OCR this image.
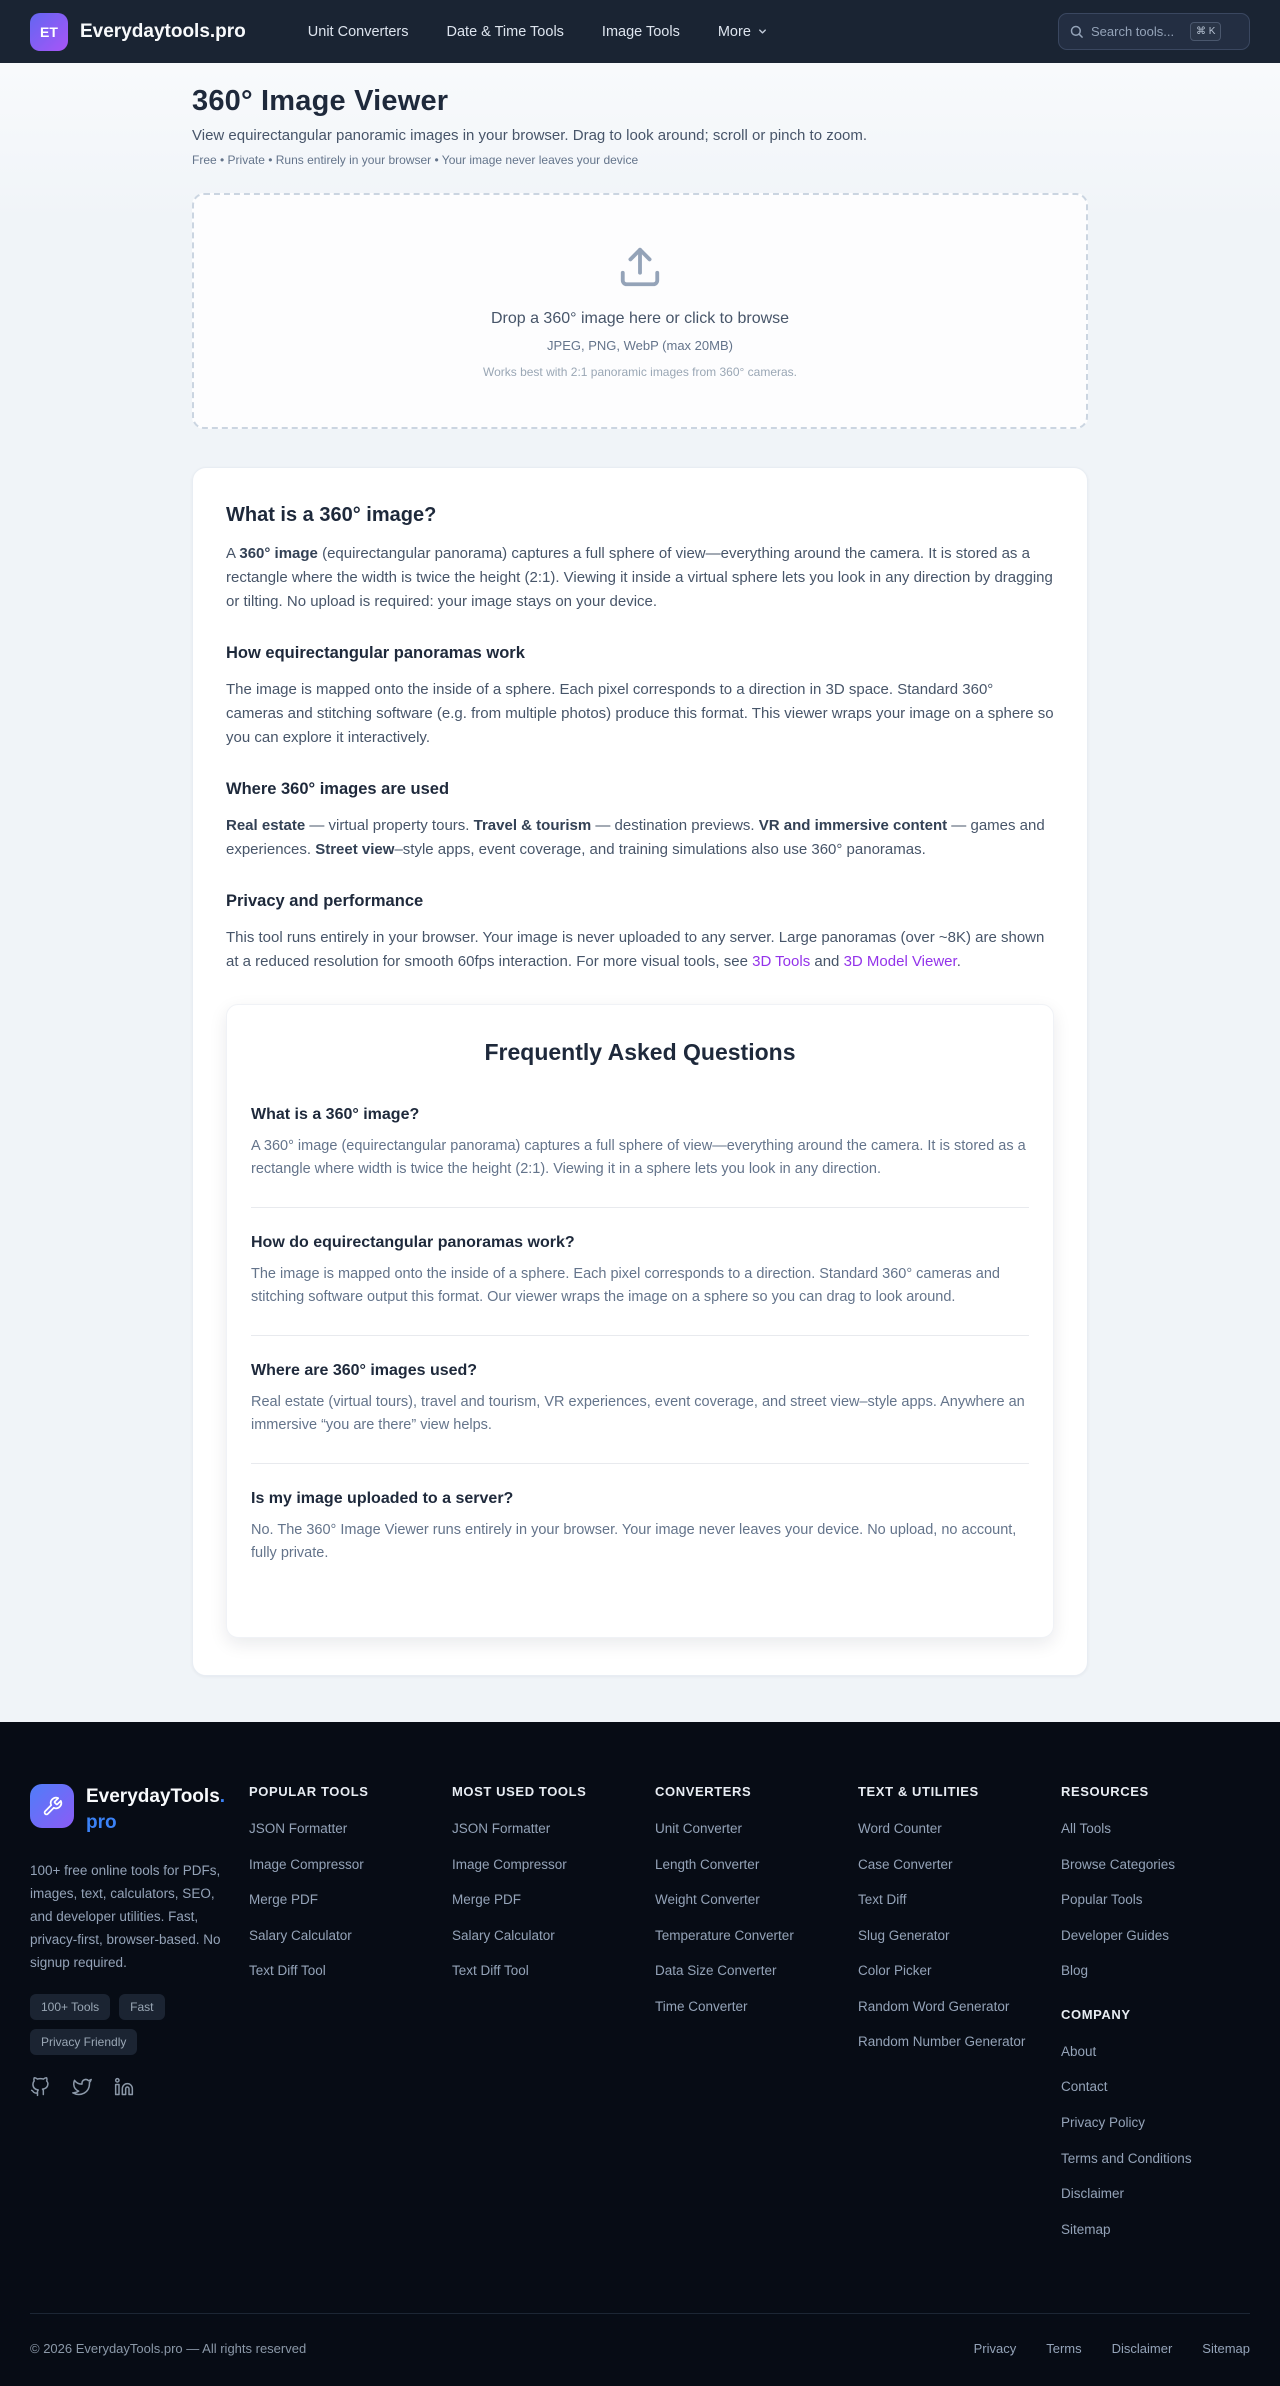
ET	Everydaytools.pro	Unit Converters	Date & Time Tools	Image Tools	More
Search tools...	⌘ K
360° Image Viewer

View equirectangular panoramic images in your browser. Drag to look around; scroll or pinch to zoom.

Free • Private • Runs entirely in your browser • Your image never leaves your device

Drop a 360° image here or click to browse
JPEG, PNG, WebP (max 20MB)
Works best with 2:1 panoramic images from 360° cameras.
What is a 360° image?

A 360° image (equirectangular panorama) captures a full sphere of view—everything around the camera. It is stored as a rectangle where the width is twice the height (2:1). Viewing it inside a virtual sphere lets you look in any direction by dragging or tilting. No upload is required: your image stays on your device.

How equirectangular panoramas work

The image is mapped onto the inside of a sphere. Each pixel corresponds to a direction in 3D space. Standard 360° cameras and stitching software (e.g. from multiple photos) produce this format. This viewer wraps your image on a sphere so you can explore it interactively.

Where 360° images are used

Real estate — virtual property tours. Travel & tourism — destination previews. VR and immersive content — games and experiences. Street view–style apps, event coverage, and training simulations also use 360° panoramas.

Privacy and performance

This tool runs entirely in your browser. Your image is never uploaded to any server. Large panoramas (over ~8K) are shown at a reduced resolution for smooth 60fps interaction. For more visual tools, see 3D Tools and 3D Model Viewer.

Frequently Asked Questions
What is a 360° image?
A 360° image (equirectangular panorama) captures a full sphere of view—everything around the camera. It is stored as a rectangle where width is twice the height (2:1). Viewing it in a sphere lets you look in any direction.
How do equirectangular panoramas work?
The image is mapped onto the inside of a sphere. Each pixel corresponds to a direction. Standard 360° cameras and stitching software output this format. Our viewer wraps the image on a sphere so you can drag to look around.
Where are 360° images used?
Real estate (virtual tours), travel and tourism, VR experiences, event coverage, and street view–style apps. Anywhere an immersive “you are there” view helps.
Is my image uploaded to a server?
No. The 360° Image Viewer runs entirely in your browser. Your image never leaves your device. No upload, no account, fully private.
EverydayTools.pro

100+ free online tools for PDFs, images, text, calculators, SEO, and developer utilities. Fast, privacy-first, browser-based. No signup required.

100+ Tools	Fast
Privacy Friendly
POPULAR TOOLS
JSON Formatter
Image Compressor
Merge PDF
Salary Calculator
Text Diff Tool
MOST USED TOOLS
JSON Formatter
Image Compressor
Merge PDF
Salary Calculator
Text Diff Tool
CONVERTERS
Unit Converter
Length Converter
Weight Converter
Temperature Converter
Data Size Converter
Time Converter
TEXT & UTILITIES
Word Counter
Case Converter
Text Diff
Slug Generator
Color Picker
Random Word Generator
Random Number Generator
RESOURCES
All Tools
Browse Categories
Popular Tools
Developer Guides
Blog
COMPANY
About
Contact
Privacy Policy
Terms and Conditions
Disclaimer
Sitemap
© 2026 EverydayTools.pro — All rights reserved	Privacy Terms Disclaimer Sitemap
